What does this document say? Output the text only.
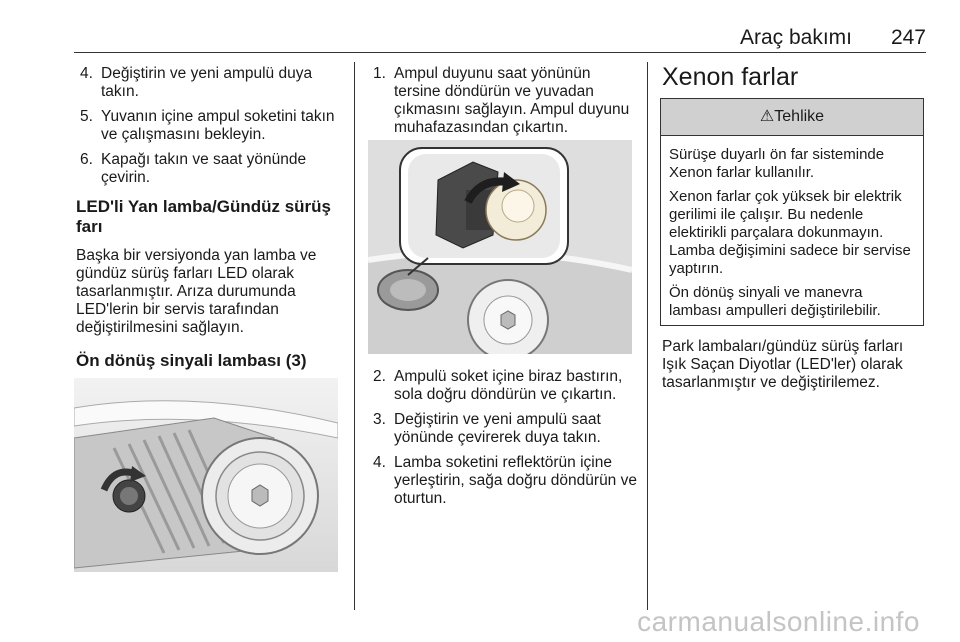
Araç bakımı 247
4. Değiştirin ve yeni ampulü duya takın.
5. Yuvanın içine ampul soketini takın ve çalışmasını bekleyin.
6. Kapağı takın ve saat yönünde çevirin.
LED'li Yan lamba/Gündüz sürüş farı

Başka bir versiyonda yan lamba ve gündüz sürüş farları LED olarak tasarlanmıştır. Arıza durumunda LED'lerin bir servis tarafından değiştirilmesini sağlayın.

Ön dönüş sinyali lambası (3)
1. Ampul duyunu saat yönünün tersine döndürün ve yuvadan çıkmasını sağlayın. Ampul duyunu muhafazasından çıkartın.
2. Ampulü soket içine biraz bastırın, sola doğru döndürün ve çıkartın.
3. Değiştirin ve yeni ampulü saat yönünde çevirerek duya takın.
4. Lamba soketini reflektörün içine yerleştirin, sağa doğru döndürün ve oturtun.
Xenon farlar
⚠Tehlike

Sürüşe duyarlı ön far sisteminde Xenon farlar kullanılır.

Xenon farlar çok yüksek bir elektrik gerilimi ile çalışır. Bu nedenle elektirikli parçalara dokunmayın. Lamba değişimini sadece bir servise yaptırın.

Ön dönüş sinyali ve manevra lambası ampulleri değiştirilebilir.

Park lambaları/gündüz sürüş farları Işık Saçan Diyotlar (LED'ler) olarak tasarlanmıştır ve değiştirilemez.

carmanualsonline.info
